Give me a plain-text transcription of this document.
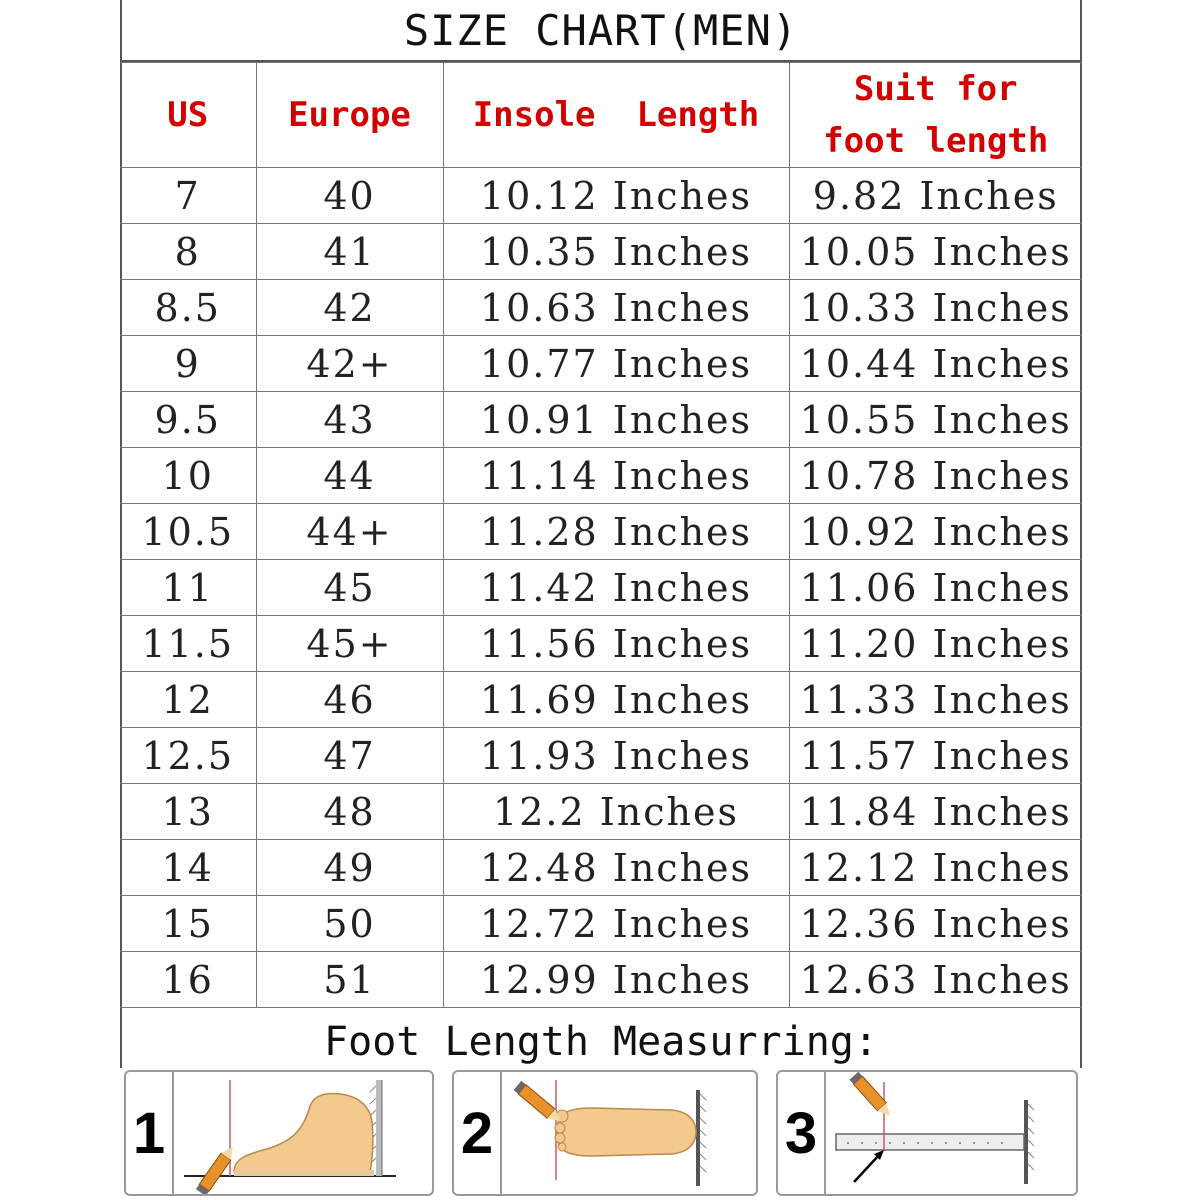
SIZE CHART(MEN)
US	Europe	Insole  Length	Suit for
foot length

7	40	10.12 Inches	9.82 Inches
8	41	10.35 Inches	10.05 Inches
8.5	42	10.63 Inches	10.33 Inches
9	42+	10.77 Inches	10.44 Inches
9.5	43	10.91 Inches	10.55 Inches
10	44	11.14 Inches	10.78 Inches
10.5	44+	11.28 Inches	10.92 Inches
11	45	11.42 Inches	11.06 Inches
11.5	45+	11.56 Inches	11.20 Inches
12	46	11.69 Inches	11.33 Inches
12.5	47	11.93 Inches	11.57 Inches
13	48	12.2 Inches	11.84 Inches
14	49	12.48 Inches	12.12 Inches
15	50	12.72 Inches	12.36 Inches
16	51	12.99 Inches	12.63 Inches
Foot Length Measurring:
1	2	3
